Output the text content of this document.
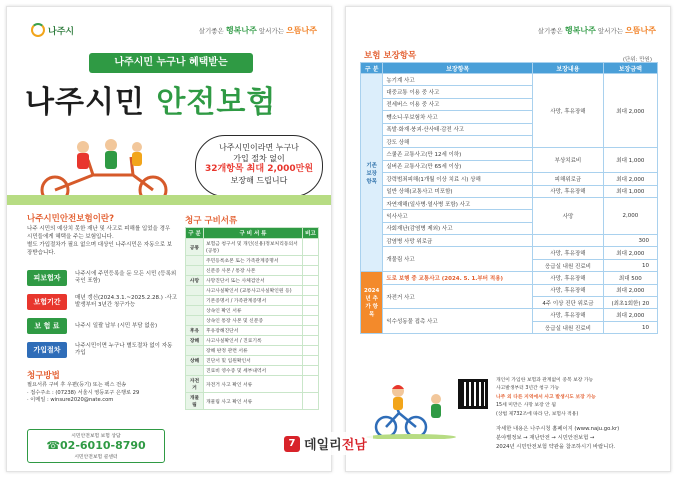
나주시	살기좋은 행복나주 앞서가는 으뜸나주
나주시민 누구나 혜택받는
나주시민 안전보험
나주시민이라면 누구나
가입 절차 없이
32개항목 최대 2,000만원
보장해 드립니다
나주시민안전보험이란?
나주 시민의 예상치 못한 재난 및 사고로 피해를 입었을 경우 시민들에게 혜택을 주는 보험입니다.
별도 가입절차가 필요 없으며 대상인 나주시민은 자동으로 보장받습니다.
피보험자	나주시에 주민등록을 둔 모든 시민 (등록외국인 포함)
보험기간	매년 갱신(2024.3.1.~2025.2.28.) ·사고발생부터 3년간 청구가능
보 험 료	나주시 일괄 납부 (시민 부담 없음)
가입절차	나주시민이면 누구나 별도절차 없이 자동가입
청구방법
필요서류 구비 후 우편(등기) 또는 팩스 전송
· 접수주소 : (07238) 서울시 영등포구 은행로 29
· 이메일 : winsure2020@nate.com
시민안전보험 보험 상담
☎02-6010-8790
시민안전보험 콜센터
청구 구비서류
구 분	구 비 서 류	비고
공통	보험금 청구서 및 개인(신용)정보처리동의서(공통)	
	주민등록초본 또는 가족관계증명서	
	신분증 사본 / 통장 사본	
사망	사망진단서 또는 사체검안서	
	사고사실확인서 (교통사고사실확인원 등)	
	기본증명서 / 가족관계증명서	
	상속인 확인 서류	
	상속인 통장 사본 및 신분증	
후유	후유장해진단서	
장해	사고사실확인서 / 진료기록	
	장해 판정 관련 서류	
상해	진단서 및 입원확인서	
	진료비 영수증 및 세부내역서	
자전거	자전거 사고 확인 서류	
개물림	개물림 사고 확인 서류	
살기좋은 행복나주 앞서가는 으뜸나주
보험 보장항목	(단위: 만원)
구 분	보장항목	보장내용	보장금액
기존 보장 항목	농기계 사고	사망, 후유장해	최대 2,000
	대중교통 이용 중 사고		
	전세버스 이용 중 사고		
	뺑소니·무보험차 사고		
	폭발·화재·붕괴·산사태·감전 사고		
	강도 상해		
	스쿨존 교통사고(만 12세 이하)	부상치료비	최대 1,000
	실버존 교통사고(만 65세 이상)		
	강력범죄피해(1개월 이상 치료 시) 상해	피해위로금	최대 2,000
	일반 상해(교통사고 미포함)	사망, 후유장해	최대 1,000
	자연재해(일사병·열사병 포함) 사고	사망	2,000
	익사사고		
	사회재난(감염병 제외) 사고		
	감염병 사망 위로금		300
	개물림 사고	사망, 후유장해	최대 2,000
		응급실 내원 진료비	10
2024년 추가 항목	도로 보행 중 교통사고 (2024. 5. 1.부터 적용)	사망, 후유장해	최대 500
	자전거 사고	사망, 후유장해	최대 2,000
		4주 이상 진단 위로금	(최초1회한) 20
	익수성동물 접촉 사고	사망, 후유장해	최대 2,000
		응급실 내원 진료비	10
개인이 가입한 보험과 관계없이 중복 보장 가능
사고발생부터 3년간 청구 가능
나주 외 다른 지역에서 사고 발생시도 보장 가능
15세 미만은 사망 보장 안 됨
(상법 제732조에 따라 단, 보험사 적용)
자세한 내용은 나주시청 홈페이지 (www.naju.go.kr)
분야별정보 → 재난안전 → 시민안전보험 →
2024년 시민안전보험 약관을 참조하시기 바랍니다.
7 데일리전남
